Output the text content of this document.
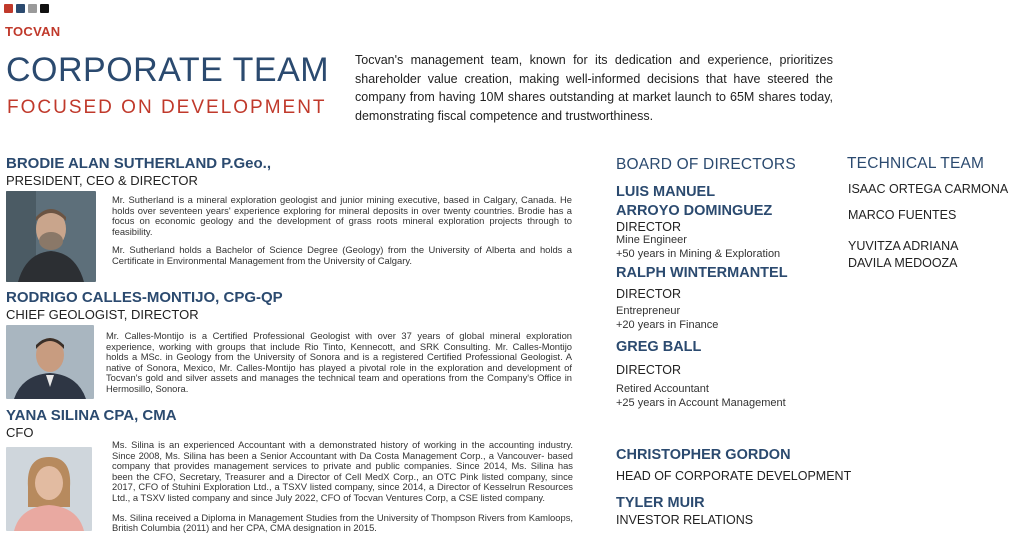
TOCVAN
CORPORATE TEAM
FOCUSED ON DEVELOPMENT

Tocvan's management team, known for its dedication and experience, prioritizes shareholder value creation, making well-informed decisions that have steered the company from having 10M shares outstanding at market launch to 65M shares today, demonstrating fiscal competence and trustworthiness.

BRODIE ALAN SUTHERLAND P.Geo.,
PRESIDENT, CEO & DIRECTOR

Mr. Sutherland is a mineral exploration geologist and junior mining executive, based in Calgary, Canada. He holds over seventeen years' experience exploring for mineral deposits in over twenty countries. Brodie has a focus on economic geology and the development of grass roots mineral exploration projects through to feasibility.

Mr. Sutherland holds a Bachelor of Science Degree (Geology) from the University of Alberta and holds a Certificate in Environmental Management from the University of Calgary.

RODRIGO CALLES-MONTIJO, CPG-QP
CHIEF GEOLOGIST, DIRECTOR

Mr. Calles-Montijo is a Certified Professional Geologist with over 37 years of global mineral exploration experience, working with groups that include Rio Tinto, Kennecott, and SRK Consulting. Mr. Calles-Montijo holds a MSc. in Geology from the University of Sonora and is a registered Certified Professional Geologist. A native of Sonora, Mexico, Mr. Calles-Montijo has played a pivotal role in the exploration and development of Tocvan's gold and silver assets and manages the technical team and operations from the Company's Office in Hermosillo, Sonora.

YANA SILINA CPA, CMA
CFO

Ms. Silina is an experienced Accountant with a demonstrated history of working in the accounting industry. Since 2008, Ms. Silina has been a Senior Accountant with Da Costa Management Corp., a Vancouver- based company that provides management services to private and public companies. Since 2014, Ms. Silina has been the CFO, Secretary, Treasurer and a Director of Cell MedX Corp., an OTC Pink listed company, since 2017, CFO of Stuhini Exploration Ltd., a TSXV listed company, since 2014, a Director of Kesselrun Resources Ltd., a TSXV listed company and since July 2022, CFO of Tocvan Ventures Corp, a CSE listed company.

Ms. Silina received a Diploma in Management Studies from the University of Thompson Rivers from Kamloops, British Columbia (2011) and her CPA, CMA designation in 2015.

BOARD OF DIRECTORS
LUIS MANUEL
ARROYO DOMINGUEZ
DIRECTOR
Mine Engineer
+50 years in Mining & Exploration
RALPH WINTERMANTEL
DIRECTOR
Entrepreneur
+20 years in Finance
GREG BALL
DIRECTOR
Retired Accountant
+25 years in Account Management
CHRISTOPHER GORDON
HEAD OF CORPORATE DEVELOPMENT
TYLER MUIR
INVESTOR RELATIONS
TECHNICAL TEAM
ISAAC ORTEGA CARMONA
MARCO FUENTES
YUVITZA ADRIANA
DAVILA MEDOOZA
